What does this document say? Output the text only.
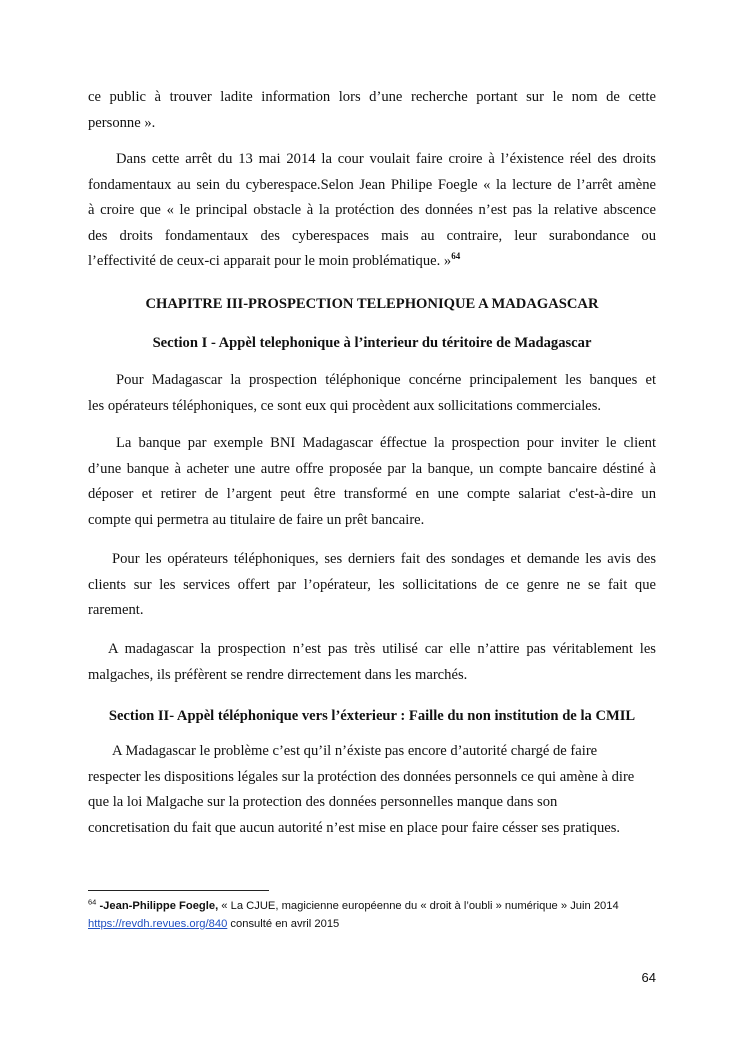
ce public à trouver ladite information lors d’une recherche portant sur le nom de cette
personne ».

Dans cette arrêt du 13 mai 2014 la cour voulait faire croire à l’éxistence réel des droits
fondamentaux au sein du cyberespace.Selon Jean Philipe Foegle « la lecture de l’arrêt amène
à croire que « le principal obstacle à la protéction des données n’est pas la relative abscence
des droits fondamentaux des cyberespaces mais au contraire, leur surabondance ou
l’effectivité de ceux-ci apparait pour le moin problématique. »$^{64}$

CHAPITRE III-PROSPECTION TELEPHONIQUE A MADAGASCAR
Section I - Appèl telephonique à l’interieur du téritoire de Madagascar

Pour Madagascar la prospection téléphonique concérne principalement les banques et
les opérateurs téléphoniques, ce sont eux qui procèdent aux sollicitations commerciales.

La banque par exemple BNI Madagascar éffectue la prospection pour inviter le client
d’une banque à acheter une autre offre proposée par la banque, un compte bancaire déstiné à
déposer et retirer de l’argent peut être transformé en une compte salariat c'est-à-dire un
compte qui permetra au titulaire de faire un prêt bancaire.

Pour les opérateurs téléphoniques, ses derniers fait des sondages et demande les avis des
clients sur les services offert par l’opérateur, les sollicitations de ce genre ne se fait que
rarement.

A madagascar la prospection n’est pas très utilisé car elle n’attire pas véritablement les
malgaches, ils préfèrent se rendre dirrectement dans les marchés.

Section II- Appèl téléphonique vers l’éxterieur : Faille du non institution de la CMIL

A Madagascar le problème c’est qu’il n’éxiste pas encore d’autorité chargé de faire
respecter les dispositions légales sur la protéction des données personnels ce qui amène à dire
que la loi Malgache sur la protection des données personnelles manque dans son
concretisation du fait que aucun autorité n’est mise en place pour faire césser ses pratiques.

$^{64}$ -Jean-Philippe Foegle, « La CJUE, magicienne européenne du « droit à l’oubli » numérique » Juin 2014
https://revdh.revues.org/840 consulté en avril 2015

64
